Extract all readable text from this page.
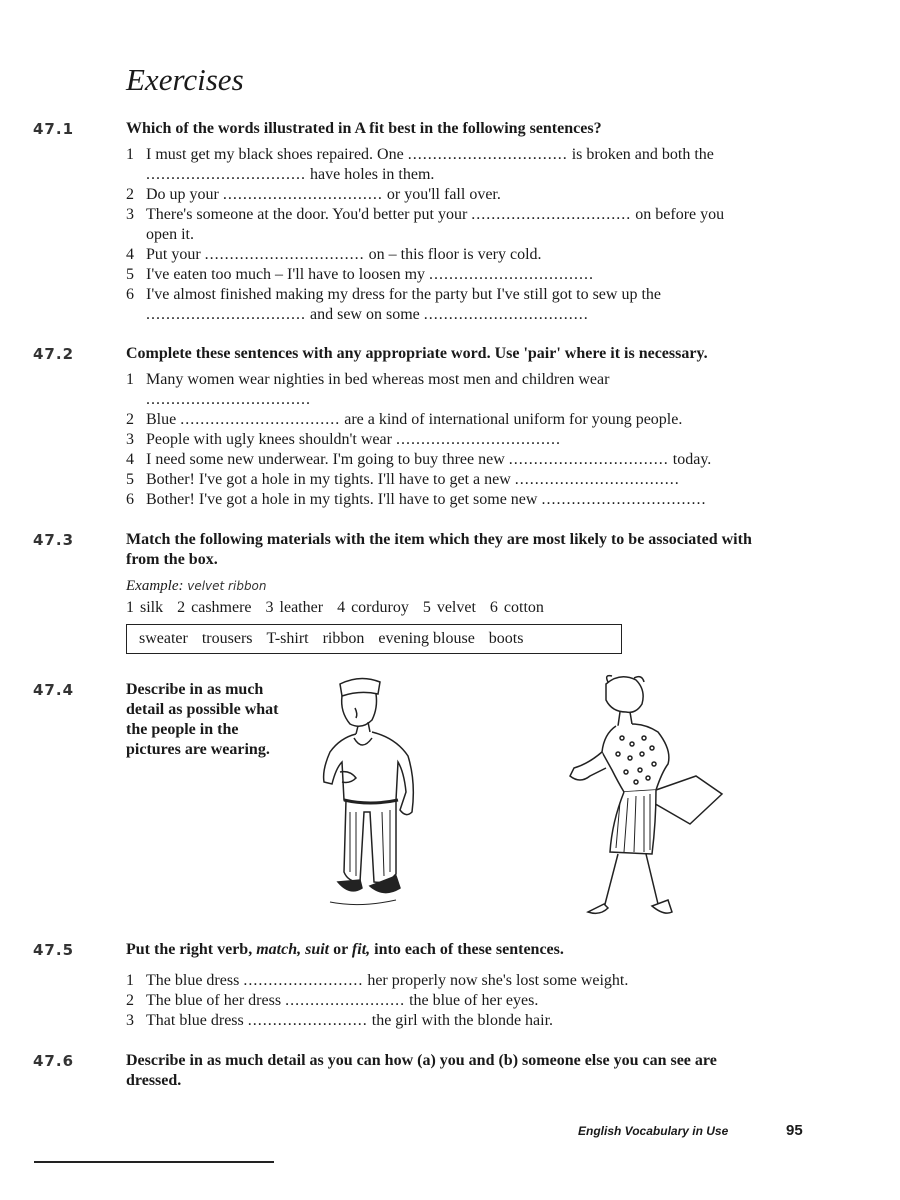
Exercises
47.1	Which of the words illustrated in A fit best in the following sentences?
1 I must get my black shoes repaired. One ................................ is broken and both the
................................ have holes in them.
2 Do up your ................................ or you'll fall over.
3 There's someone at the door. You'd better put your ................................ on before you
open it.
4 Put your ................................ on – this floor is very cold.
5 I've eaten too much – I'll have to loosen my .................................
6 I've almost finished making my dress for the party but I've still got to sew up the
................................ and sew on some .................................
47.2	Complete these sentences with any appropriate word. Use 'pair' where it is necessary.
1 Many women wear nighties in bed whereas most men and children wear
.................................
2 Blue ................................ are a kind of international uniform for young people.
3 People with ugly knees shouldn't wear .................................
4 I need some new underwear. I'm going to buy three new ................................ today.
5 Bother! I've got a hole in my tights. I'll have to get a new .................................
6 Bother! I've got a hole in my tights. I'll have to get some new .................................
47.3	Match the following materials with the item which they are most likely to be associated with
from the box.
Example: velvet ribbon
1 silk 2 cashmere 3 leather 4 corduroy 5 velvet 6 cotton
sweater trousers T-shirt ribbon evening blouse boots
47.4	Describe in as much
detail as possible what
the people in the
pictures are wearing.
47.5	Put the right verb, match, suit or fit, into each of these sentences.
1 The blue dress ........................ her properly now she's lost some weight.
2 The blue of her dress ........................ the blue of her eyes.
3 That blue dress ........................ the girl with the blonde hair.
47.6	Describe in as much detail as you can how (a) you and (b) someone else you can see are
dressed.
English Vocabulary in Use	95
